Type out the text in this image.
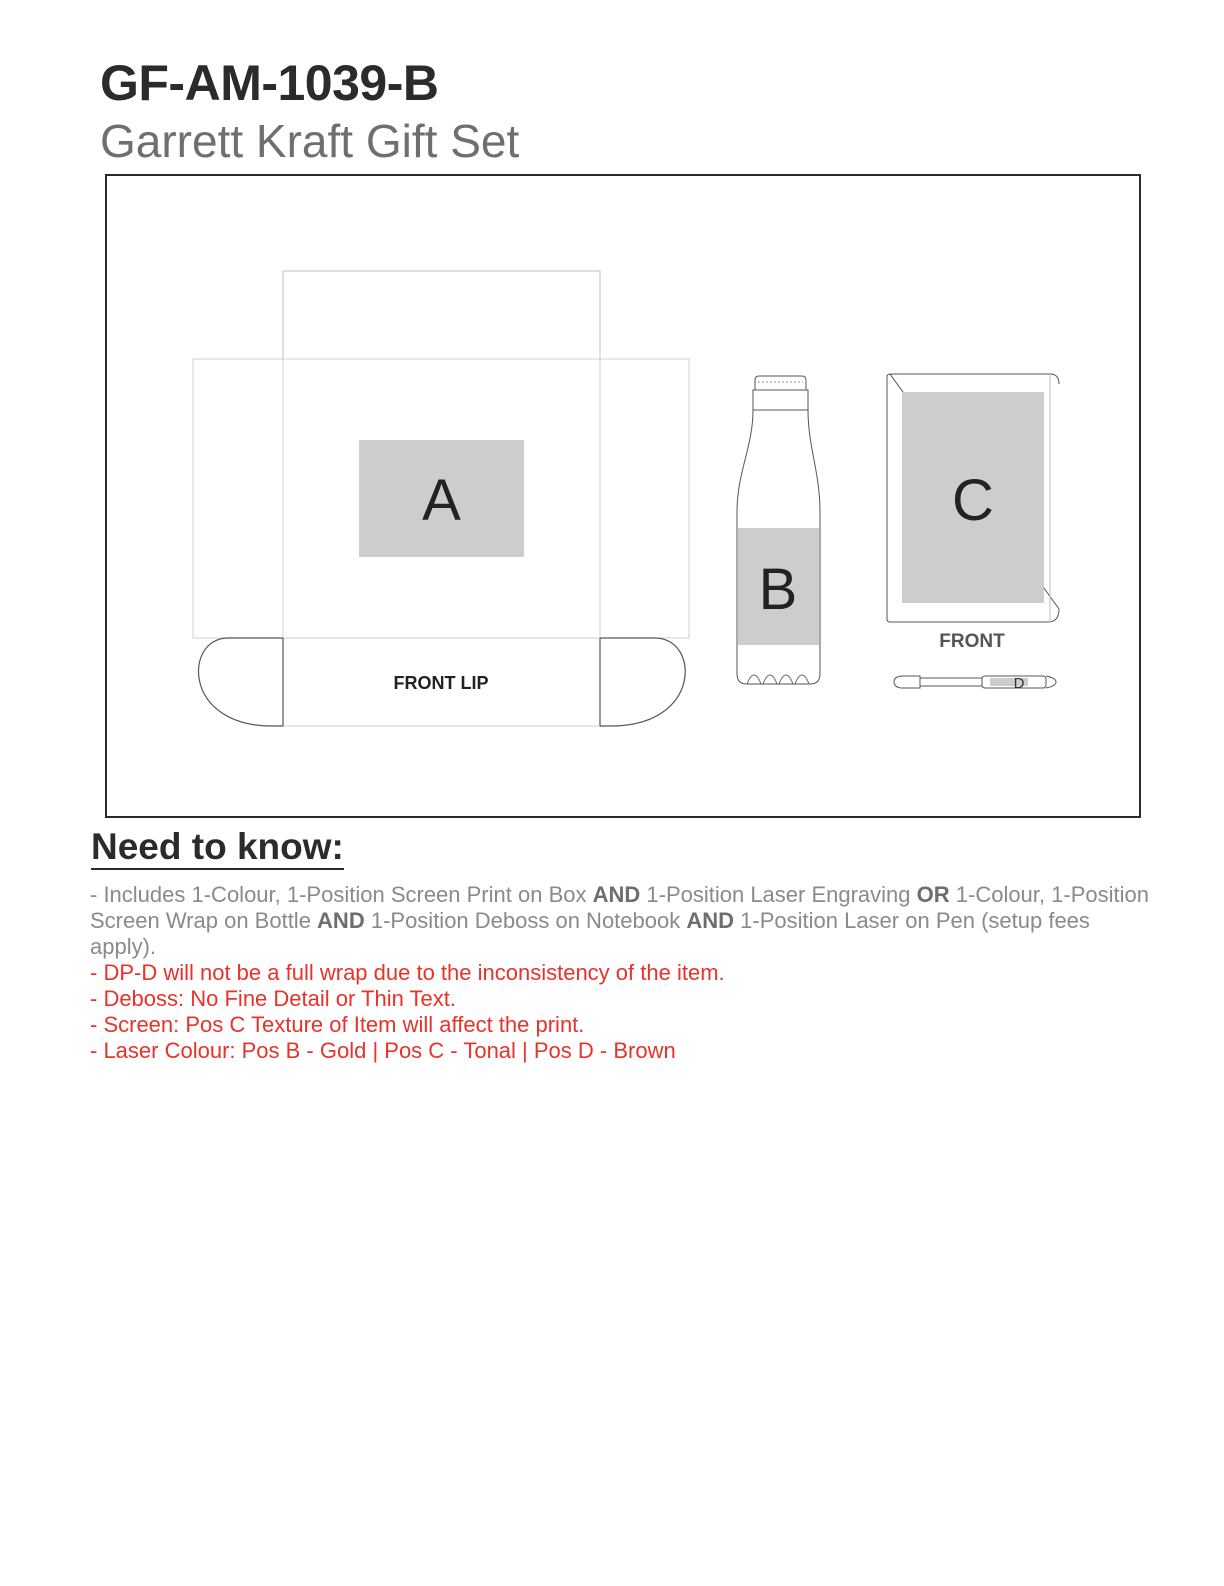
GF-AM-1039-B
Garrett Kraft Gift Set
A
FRONT LIP
B
C
FRONT
D
Need to know:

- Includes 1-Colour, 1-Position Screen Print on Box AND 1-Position Laser Engraving OR 1-Colour, 1-Position Screen Wrap on Bottle AND 1-Position Deboss on Notebook AND 1-Position Laser on Pen (setup fees apply).

- DP-D will not be a full wrap due to the inconsistency of the item.

- Deboss: No Fine Detail or Thin Text.

- Screen: Pos C Texture of Item will affect the print.

- Laser Colour: Pos B - Gold | Pos C - Tonal | Pos D - Brown
